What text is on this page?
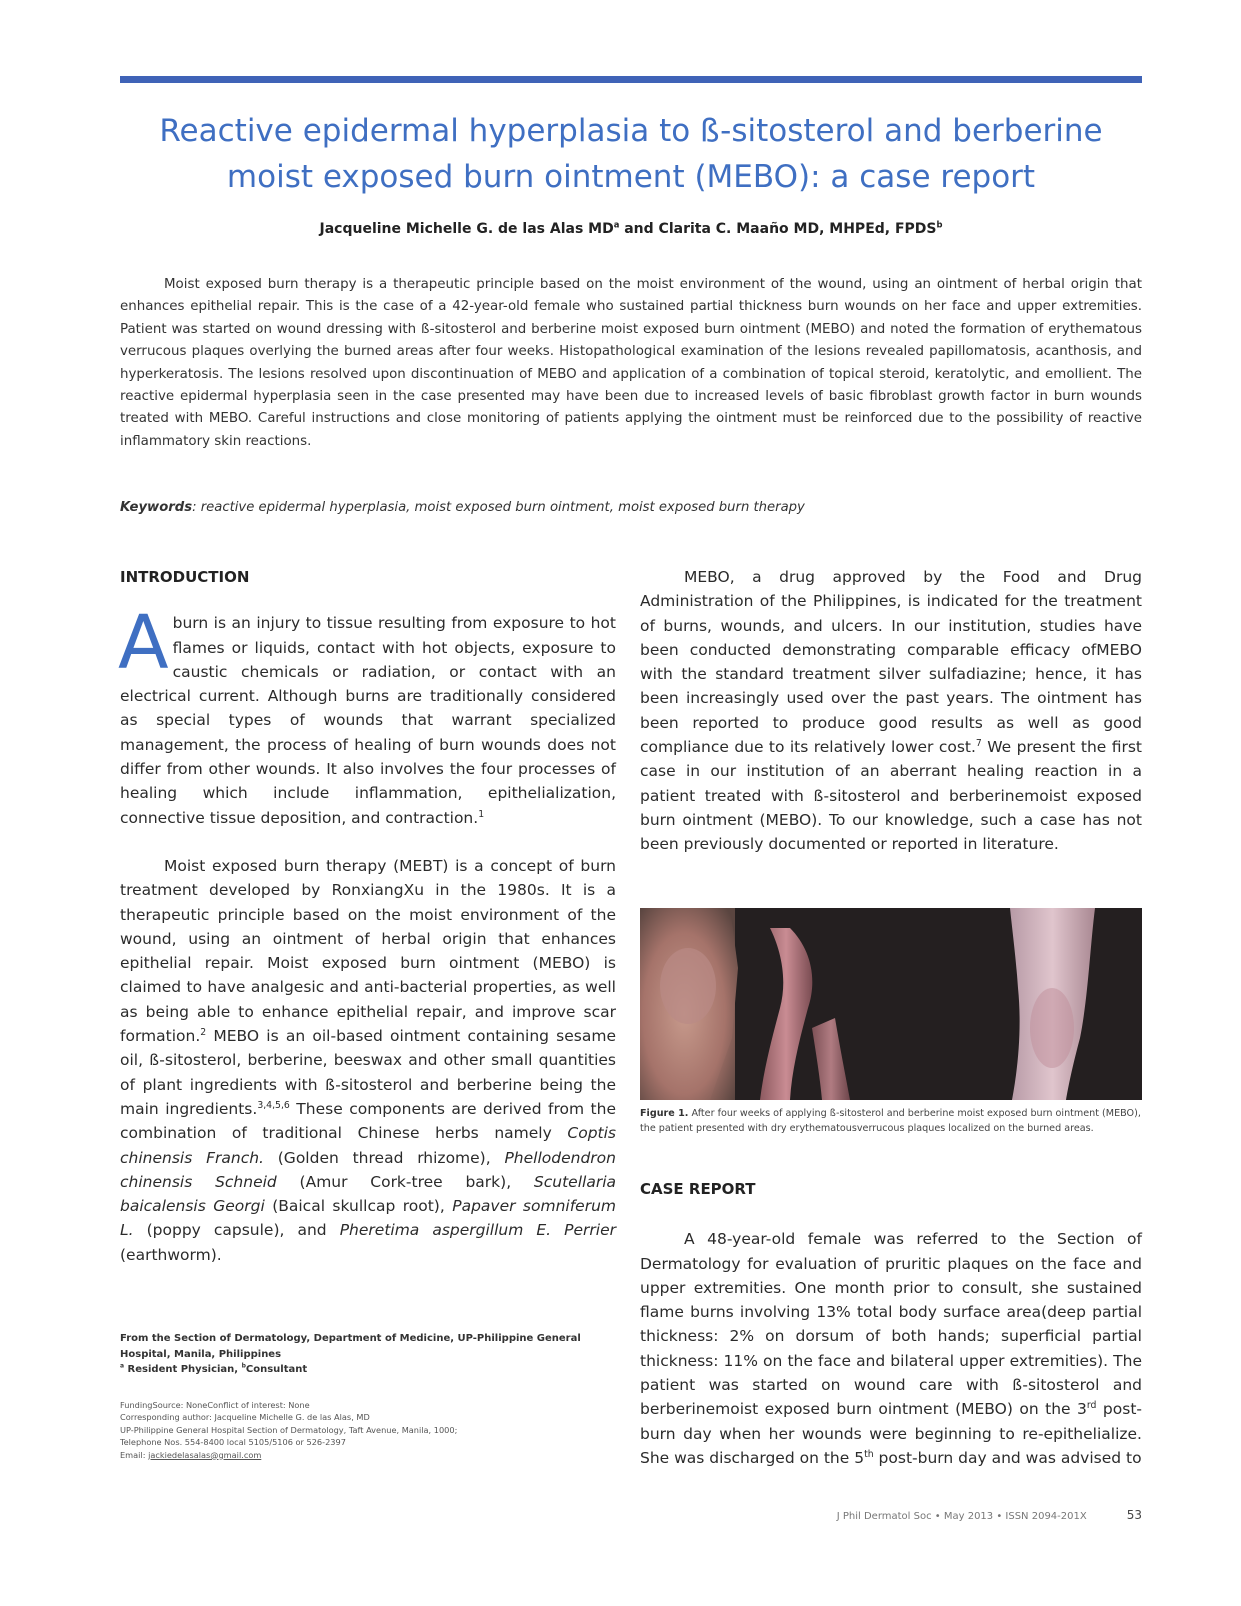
Reactive epidermal hyperplasia to ß-sitosterol and berberine moist exposed burn ointment (MEBO): a case report
Jacqueline Michelle G. de las Alas $MD^a$ and Clarita C. Maaño MD, MHPEd, FPDS$^b$
Moist exposed burn therapy is a therapeutic principle based on the moist environment of the wound, using an ointment of herbal origin that enhances epithelial repair. This is the case of a 42-year-old female who sustained partial thickness burn wounds on her face and upper extremities. Patient was started on wound dressing with ß-sitosterol and berberine moist exposed burn ointment (MEBO) and noted the formation of erythematous verrucous plaques overlying the burned areas after four weeks. Histopathological examination of the lesions revealed papillomatosis, acanthosis, and hyperkeratosis. The lesions resolved upon discontinuation of MEBO and application of a combination of topical steroid, keratolytic, and emollient. The reactive epidermal hyperplasia seen in the case presented may have been due to increased levels of basic fibroblast growth factor in burn wounds treated with MEBO. Careful instructions and close monitoring of patients applying the ointment must be reinforced due to the possibility of reactive inflammatory skin reactions.
Keywords: reactive epidermal hyperplasia, moist exposed burn ointment, moist exposed burn therapy

INTRODUCTION

A burn is an injury to tissue resulting from exposure to hot flames or liquids, contact with hot objects, exposure to caustic chemicals or radiation, or contact with an electrical current. Although burns are traditionally considered as special types of wounds that warrant specialized management, the process of healing of burn wounds does not differ from other wounds. It also involves the four processes of healing which include inflammation, epithelialization, connective tissue deposition, and contraction.$^1$

Moist exposed burn therapy (MEBT) is a concept of burn treatment developed by RonxiangXu in the 1980s. It is a therapeutic principle based on the moist environment of the wound, using an ointment of herbal origin that enhances epithelial repair. Moist exposed burn ointment (MEBO) is claimed to have analgesic and anti-bacterial properties, as well as being able to enhance epithelial repair, and improve scar formation.$^2$ MEBO is an oil-based ointment containing sesame oil, ß-sitosterol, berberine, beeswax and other small quantities of plant ingredients with ß-sitosterol and berberine being the main ingredients.$^{3,4,5,6}$ These components are derived from the combination of traditional Chinese herbs namely Coptis chinensis Franch. (Golden thread rhizome), Phellodendron chinensis Schneid (Amur Cork-tree bark), Scutellaria baicalensis Georgi (Baical skullcap root), Papaver somniferum L. (poppy capsule), and Pheretima aspergillum E. Perrier (earthworm).

MEBO, a drug approved by the Food and Drug Administration of the Philippines, is indicated for the treatment of burns, wounds, and ulcers. In our institution, studies have been conducted demonstrating comparable efficacy ofMEBO with the standard treatment silver sulfadiazine; hence, it has been increasingly used over the past years. The ointment has been reported to produce good results as well as good compliance due to its relatively lower cost.$^7$ We present the first case in our institution of an aberrant healing reaction in a patient treated with ß-sitosterol and berberinemoist exposed burn ointment (MEBO). To our knowledge, such a case has not been previously documented or reported in literature.

Figure 1. After four weeks of applying ß-sitosterol and berberine moist exposed burn ointment (MEBO), the patient presented with dry erythematousverrucous plaques localized on the burned areas.

CASE REPORT

A 48-year-old female was referred to the Section of Dermatology for evaluation of pruritic plaques on the face and upper extremities. One month prior to consult, she sustained flame burns involving 13% total body surface area(deep partial thickness: 2% on dorsum of both hands; superficial partial thickness: 11% on the face and bilateral upper extremities). The patient was started on wound care with ß-sitosterol and berberinemoist exposed burn ointment (MEBO) on the 3rd post-burn day when her wounds were beginning to re-epithelialize. She was discharged on the 5th post-burn day and was advised to

From the Section of Dermatology, Department of Medicine, UP-Philippine General Hospital, Manila, Philippines
$^a$ Resident Physician, $^b$Consultant
FundingSource: NoneConflict of interest: None
Corresponding author: Jacqueline Michelle G. de las Alas, MD
UP-Philippine General Hospital Section of Dermatology, Taft Avenue, Manila, 1000;
Telephone Nos. 554-8400 local 5105/5106 or 526-2397
Email: jackiedelasalas@gmail.com
J Phil Dermatol Soc • May 2013 • ISSN 2094-201X	53
